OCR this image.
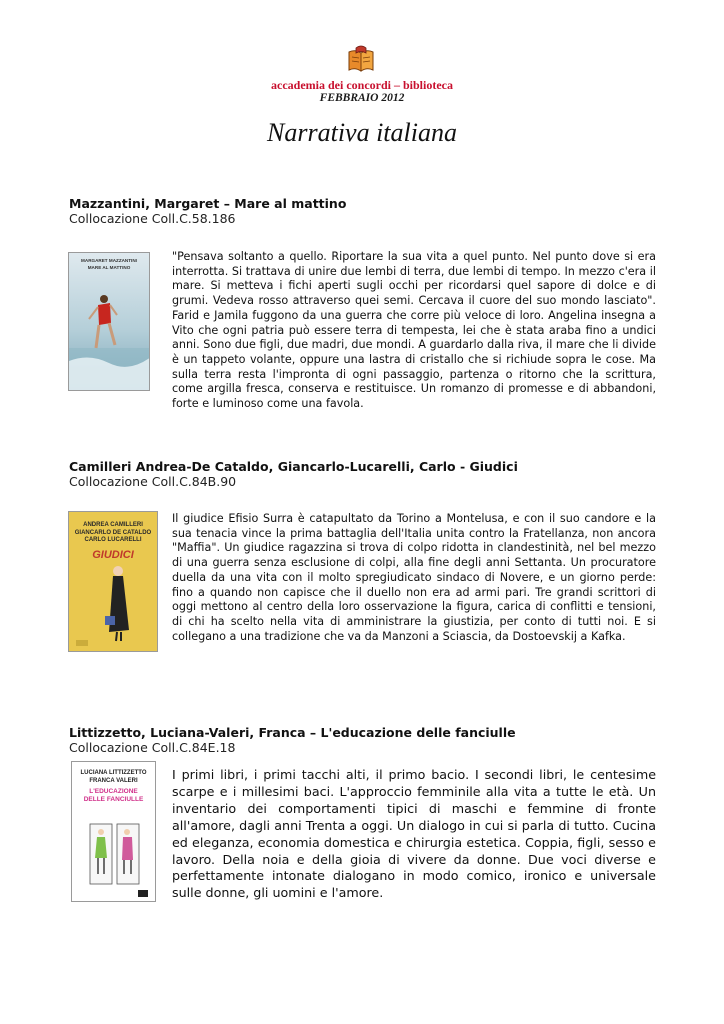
accademia dei concordi – biblioteca
FEBBRAIO 2012
Narrativa italiana
Mazzantini, Margaret – Mare al mattino
Collocazione Coll.C.58.186
MARGARET MAZZANTINI
MARE AL MATTINO
"Pensava soltanto a quello. Riportare la sua vita a quel punto. Nel punto dove si era interrotta. Si trattava di unire due lembi di terra, due lembi di tempo. In mezzo c'era il mare. Si metteva i fichi aperti sugli occhi per ricordarsi quel sapore di dolce e di grumi. Vedeva rosso attraverso quei semi. Cercava il cuore del suo mondo lasciato". Farid e Jamila fuggono da una guerra che corre più veloce di loro. Angelina insegna a Vito che ogni patria può essere terra di tempesta, lei che è stata araba fino a undici anni. Sono due figli, due madri, due mondi. A guardarlo dalla riva, il mare che li divide è un tappeto volante, oppure una lastra di cristallo che si richiude sopra le cose. Ma sulla terra resta l'impronta di ogni passaggio, partenza o ritorno che la scrittura, come argilla fresca, conserva e restituisce. Un romanzo di promesse e di abbandoni, forte e luminoso come una favola.
Camilleri Andrea-De Cataldo, Giancarlo-Lucarelli, Carlo - Giudici
Collocazione Coll.C.84B.90
ANDREA CAMILLERI GIANCARLO DE CATALDO CARLO LUCARELLI
GIUDICI
Il giudice Efisio Surra è catapultato da Torino a Montelusa, e con il suo candore e la sua tenacia vince la prima battaglia dell'Italia unita contro la Fratellanza, non ancora "Maffia". Un giudice ragazzina si trova di colpo ridotta in clandestinità, nel bel mezzo di una guerra senza esclusione di colpi, alla fine degli anni Settanta. Un procuratore duella da una vita con il molto spregiudicato sindaco di Novere, e un giorno perde: fino a quando non capisce che il duello non era ad armi pari. Tre grandi scrittori di oggi mettono al centro della loro osservazione la figura, carica di conflitti e tensioni, di chi ha scelto nella vita di amministrare la giustizia, per conto di tutti noi. E si collegano a una tradizione che va da Manzoni a Sciascia, da Dostoevskij a Kafka.
Littizzetto, Luciana-Valeri, Franca – L'educazione delle fanciulle
Collocazione Coll.C.84E.18
LUCIANA LITTIZZETTO FRANCA VALERI
L'EDUCAZIONE DELLE FANCIULLE
I primi libri, i primi tacchi alti, il primo bacio. I secondi libri, le centesime scarpe e i millesimi baci. L'approccio femminile alla vita a tutte le età. Un inventario dei comportamenti tipici di maschi e femmine di fronte all'amore, dagli anni Trenta a oggi. Un dialogo in cui si parla di tutto. Cucina ed eleganza, economia domestica e chirurgia estetica. Coppia, figli, sesso e lavoro. Della noia e della gioia di vivere da donne. Due voci diverse e perfettamente intonate dialogano in modo comico, ironico e universale sulle donne, gli uomini e l'amore.
